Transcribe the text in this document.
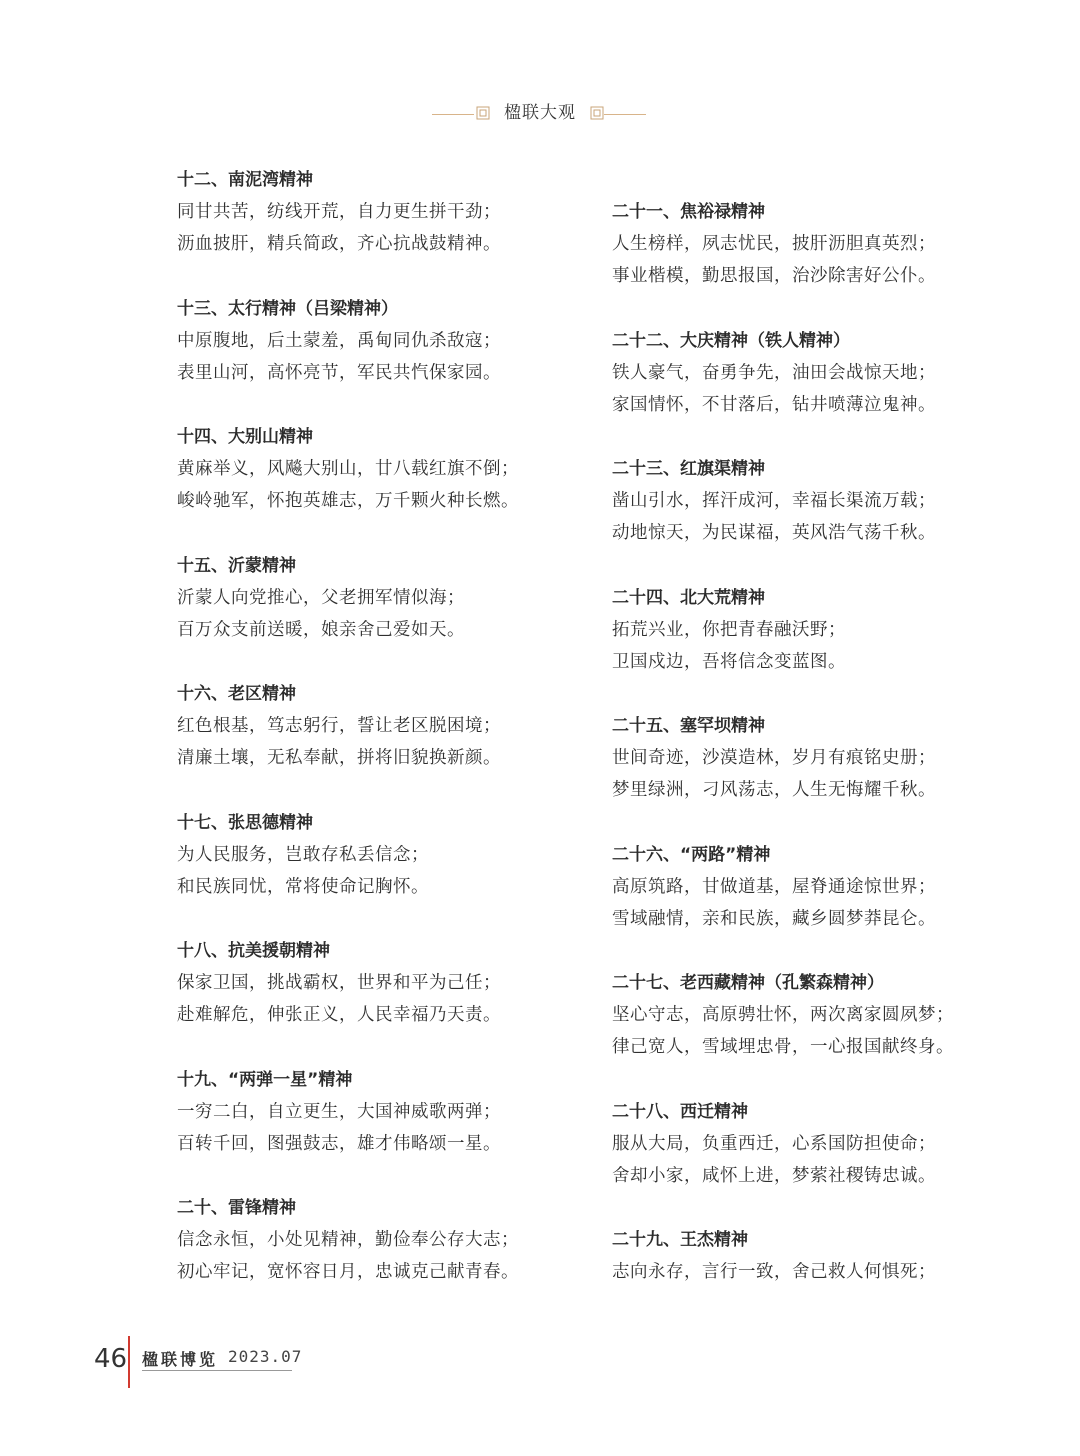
楹联大观
十二、南泥湾精神
同甘共苦，纺线开荒，自力更生拼干劲；
沥血披肝，精兵简政，齐心抗战鼓精神。
十三、太行精神（吕梁精神）
中原腹地，后土蒙羞，禹甸同仇杀敌寇；
表里山河，高怀亮节，军民共忾保家园。
十四、大别山精神
黄麻举义，风飚大别山，廿八载红旗不倒；
峻岭驰军，怀抱英雄志，万千颗火种长燃。
十五、沂蒙精神
沂蒙人向党推心，父老拥军情似海；
百万众支前送暖，娘亲舍己爱如天。
十六、老区精神
红色根基，笃志躬行，誓让老区脱困境；
清廉土壤，无私奉献，拼将旧貌换新颜。
十七、张思德精神
为人民服务，岂敢存私丢信念；
和民族同忧，常将使命记胸怀。
十八、抗美援朝精神
保家卫国，挑战霸权，世界和平为己任；
赴难解危，伸张正义，人民幸福乃天责。
十九、“两弹一星”精神
一穷二白，自立更生，大国神威歌两弹；
百转千回，图强鼓志，雄才伟略颂一星。
二十、雷锋精神
信念永恒，小处见精神，勤俭奉公存大志；
初心牢记，宽怀容日月，忠诚克己献青春。
二十一、焦裕禄精神
人生榜样，夙志忧民，披肝沥胆真英烈；
事业楷模，勤思报国，治沙除害好公仆。
二十二、大庆精神（铁人精神）
铁人豪气，奋勇争先，油田会战惊天地；
家国情怀，不甘落后，钻井喷薄泣鬼神。
二十三、红旗渠精神
凿山引水，挥汗成河，幸福长渠流万载；
动地惊天，为民谋福，英风浩气荡千秋。
二十四、北大荒精神
拓荒兴业，你把青春融沃野；
卫国戍边，吾将信念变蓝图。
二十五、塞罕坝精神
世间奇迹，沙漠造林，岁月有痕铭史册；
梦里绿洲，刁风荡志，人生无悔耀千秋。
二十六、“两路”精神
高原筑路，甘做道基，屋脊通途惊世界；
雪域融情，亲和民族，藏乡圆梦莽昆仑。
二十七、老西藏精神（孔繁森精神）
坚心守志，高原骋壮怀，两次离家圆夙梦；
律己宽人，雪域埋忠骨，一心报国献终身。
二十八、西迁精神
服从大局，负重西迁，心系国防担使命；
舍却小家，咸怀上进，梦萦社稷铸忠诚。
二十九、王杰精神
志向永存，言行一致，舍己救人何惧死；
46 楹联博览 2023.07
